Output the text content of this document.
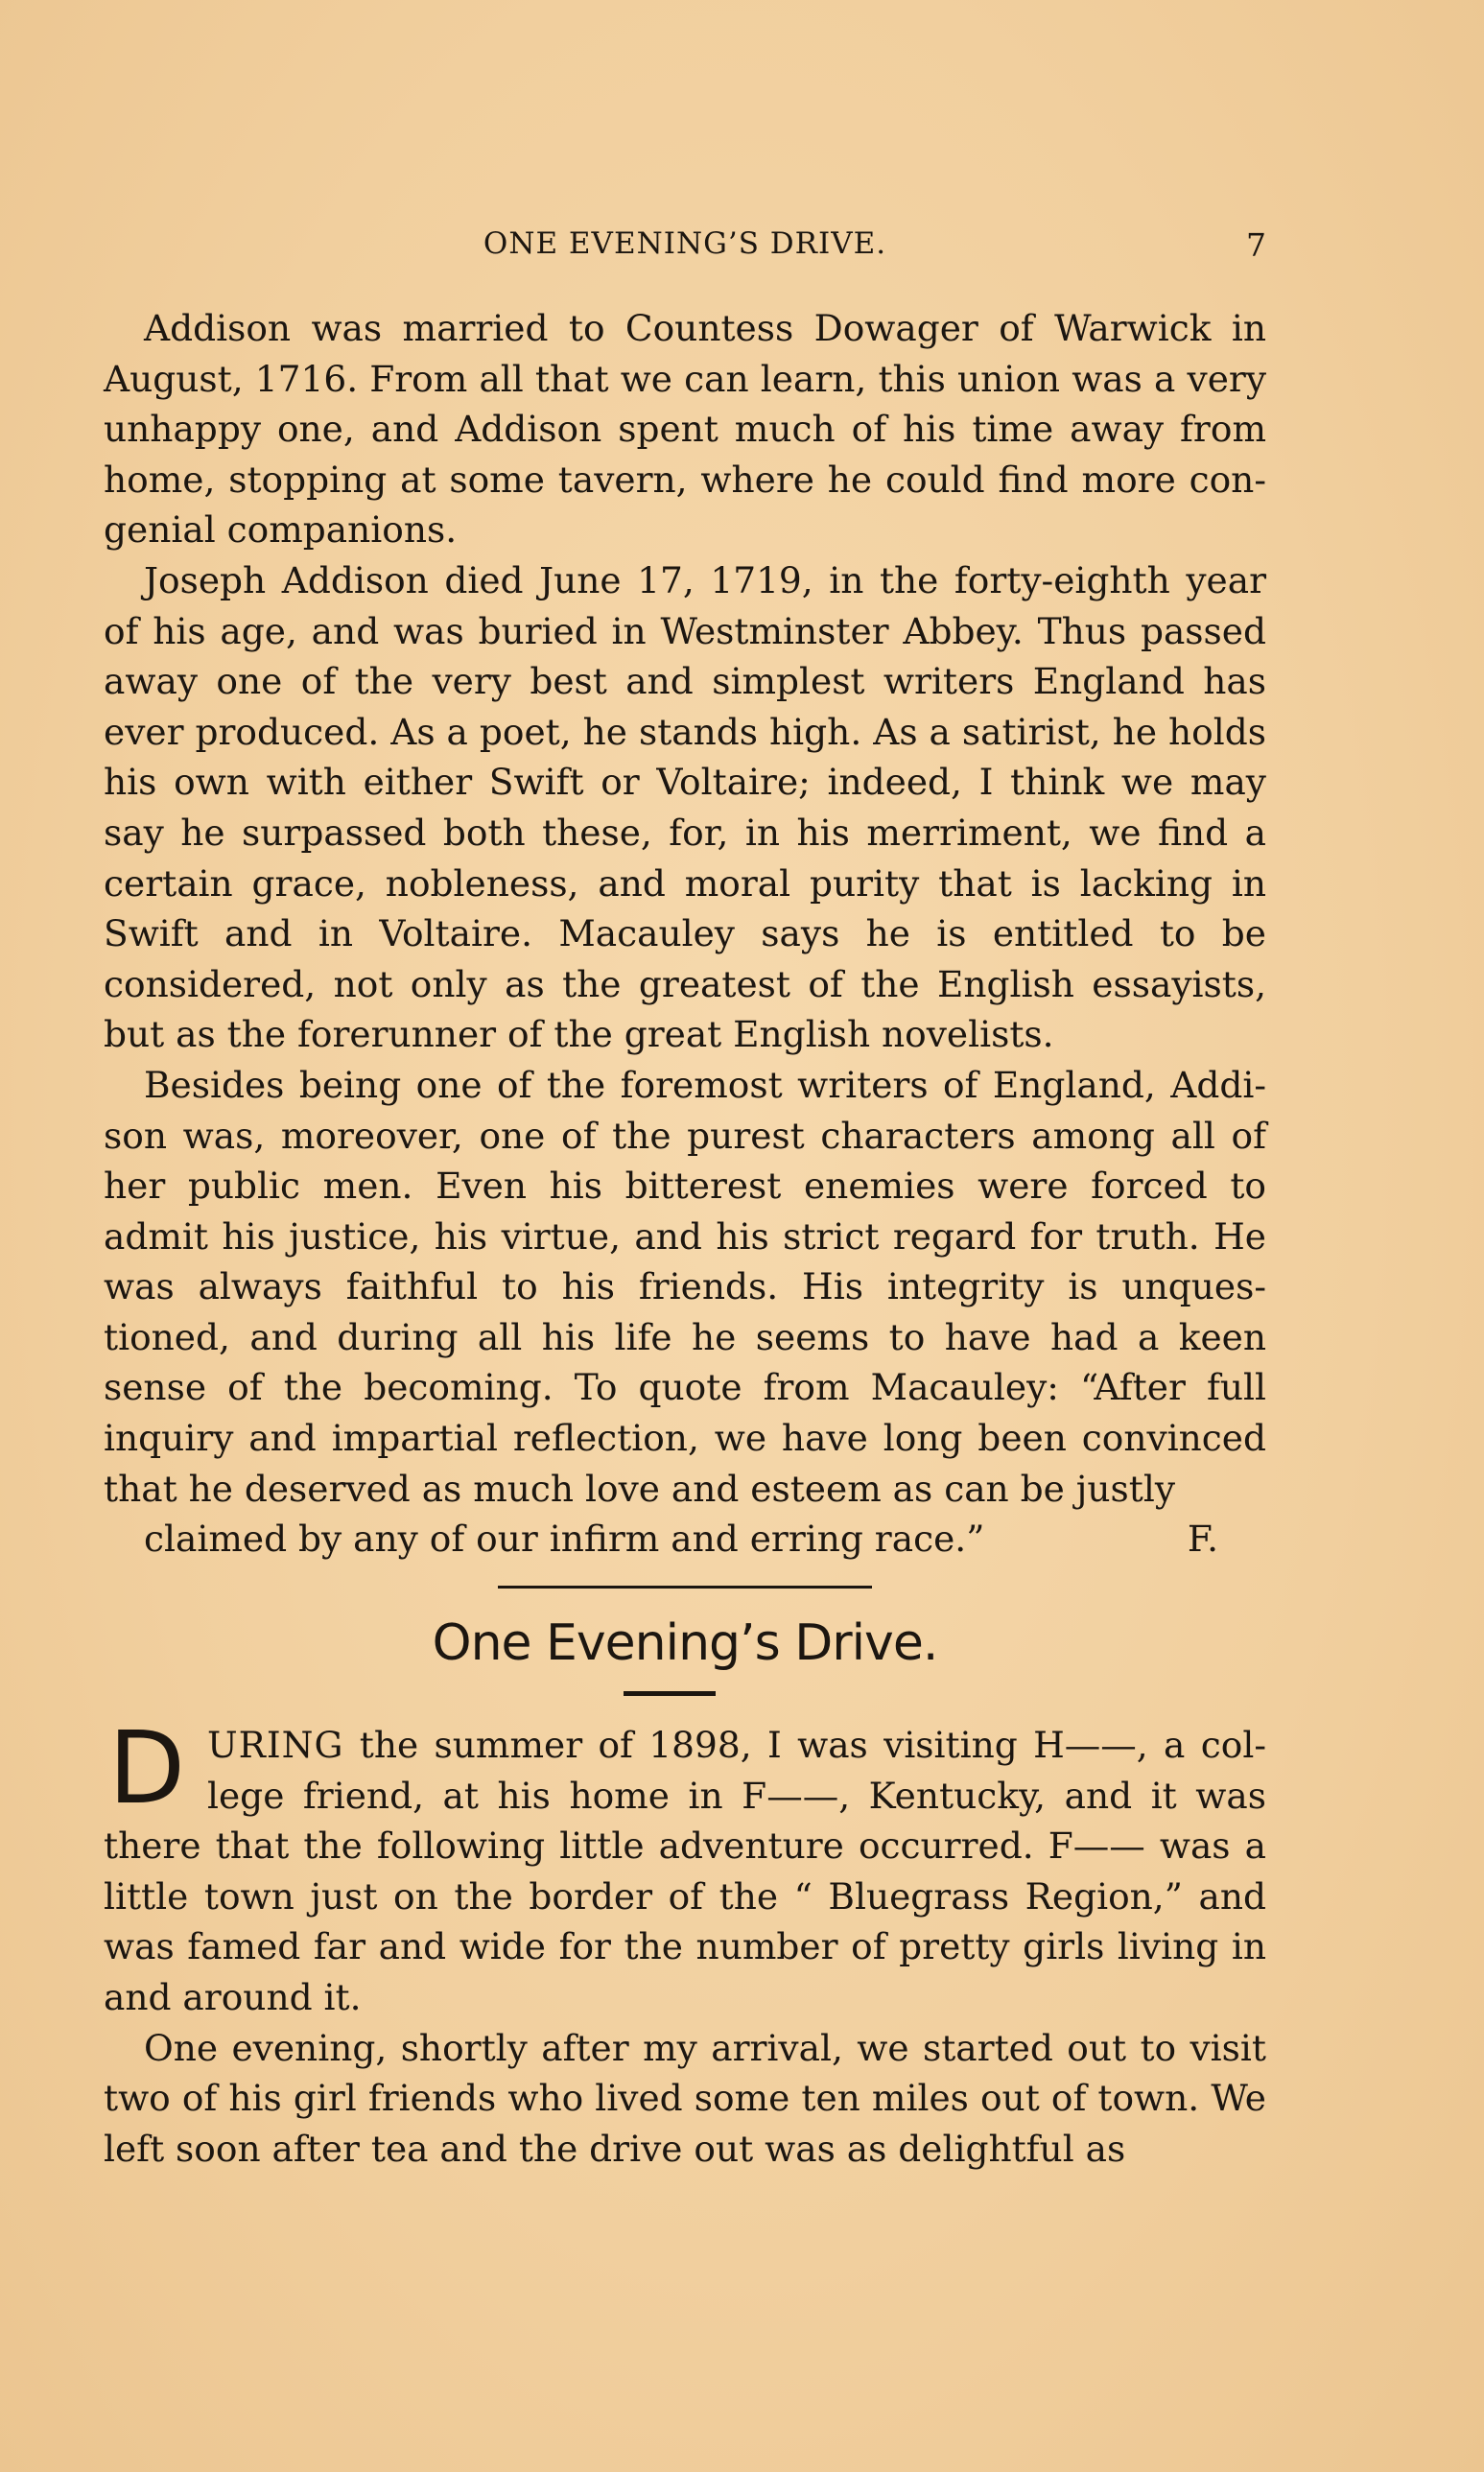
ONE EVENING’S DRIVE.	7

Addison was married to Countess Dowager of Warwick in August, 1716. From all that we can learn, this union was a very unhappy one, and Addison spent much of his time away from home, stopping at some tavern, where he could find more congenial companions.

Joseph Addison died June 17, 1719, in the forty-eighth year of his age, and was buried in Westminster Abbey. Thus passed away one of the very best and simplest writers England has ever produced. As a poet, he stands high. As a satirist, he holds his own with either Swift or Voltaire; indeed, I think we may say he surpassed both these, for, in his merriment, we find a certain grace, nobleness, and moral purity that is lacking in Swift and in Voltaire. Macauley says he is entitled to be considered, not only as the greatest of the English essayists, but as the forerunner of the great English novelists.

Besides being one of the foremost writers of England, Addison was, moreover, one of the purest characters among all of her public men. Even his bitterest enemies were forced to admit his justice, his virtue, and his strict regard for truth. He was always faithful to his friends. His integrity is unquestioned, and during all his life he seems to have had a keen sense of the becoming. To quote from Macauley: “After full inquiry and impartial reflection, we have long been convinced that he deserved as much love and esteem as can be justly

claimed by any of our infirm and erring race.”	F.

One Evening’s Drive.

DURING the summer of 1898, I was visiting H——, a college friend, at his home in F——, Kentucky, and it was there that the following little adventure occurred. F—— was a little town just on the border of the “ Bluegrass Region,” and was famed far and wide for the number of pretty girls living in and around it.

One evening, shortly after my arrival, we started out to visit two of his girl friends who lived some ten miles out of town. We left soon after tea and the drive out was as delightful as
